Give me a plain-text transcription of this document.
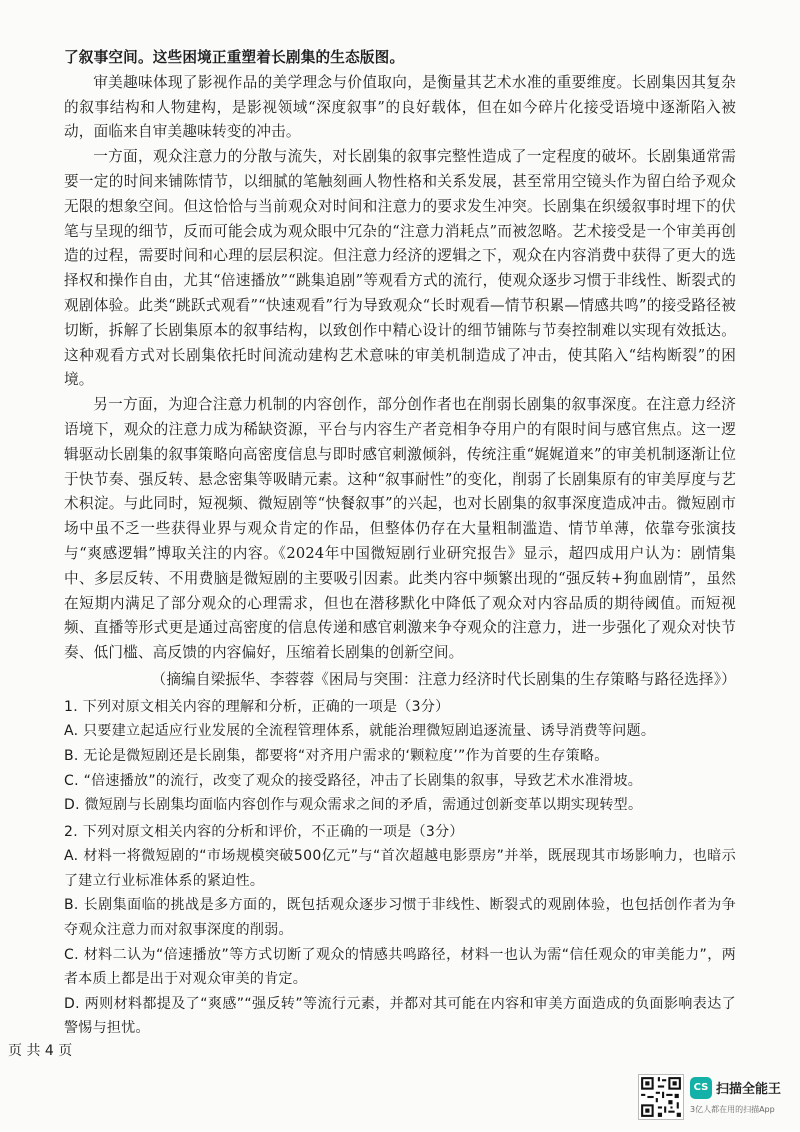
了叙事空间。这些困境正重塑着长剧集的生态版图。

审美趣味体现了影视作品的美学理念与价值取向，是衡量其艺术水准的重要维度。长剧集因其复杂的叙事结构和人物建构，是影视领域“深度叙事”的良好载体，但在如今碎片化接受语境中逐渐陷入被动，面临来自审美趣味转变的冲击。

一方面，观众注意力的分散与流失，对长剧集的叙事完整性造成了一定程度的破坏。长剧集通常需要一定的时间来铺陈情节，以细腻的笔触刻画人物性格和关系发展，甚至常用空镜头作为留白给予观众无限的想象空间。但这恰恰与当前观众对时间和注意力的要求发生冲突。长剧集在织缓叙事时埋下的伏笔与呈现的细节，反而可能会成为观众眼中冗杂的“注意力消耗点”而被忽略。艺术接受是一个审美再创造的过程，需要时间和心理的层层积淀。但注意力经济的逻辑之下，观众在内容消费中获得了更大的选择权和操作自由，尤其“倍速播放”“跳集追剧”等观看方式的流行，使观众逐步习惯于非线性、断裂式的观剧体验。此类“跳跃式观看”“快速观看”行为导致观众“长时观看—情节积累—情感共鸣”的接受路径被切断，拆解了长剧集原本的叙事结构，以致创作中精心设计的细节铺陈与节奏控制难以实现有效抵达。这种观看方式对长剧集依托时间流动建构艺术意味的审美机制造成了冲击，使其陷入“结构断裂”的困境。

另一方面，为迎合注意力机制的内容创作，部分创作者也在削弱长剧集的叙事深度。在注意力经济语境下，观众的注意力成为稀缺资源，平台与内容生产者竞相争夺用户的有限时间与感官焦点。这一逻辑驱动长剧集的叙事策略向高密度信息与即时感官刺激倾斜，传统注重“娓娓道来”的审美机制逐渐让位于快节奏、强反转、悬念密集等吸睛元素。这种“叙事耐性”的变化，削弱了长剧集原有的审美厚度与艺术积淀。与此同时，短视频、微短剧等“快餐叙事”的兴起，也对长剧集的叙事深度造成冲击。微短剧市场中虽不乏一些获得业界与观众肯定的作品，但整体仍存在大量粗制滥造、情节单薄，依靠夸张演技与“爽感逻辑”博取关注的内容。《2024年中国微短剧行业研究报告》显示，超四成用户认为：剧情集中、多层反转、不用费脑是微短剧的主要吸引因素。此类内容中频繁出现的“强反转+狗血剧情”，虽然在短期内满足了部分观众的心理需求，但也在潜移默化中降低了观众对内容品质的期待阈值。而短视频、直播等形式更是通过高密度的信息传递和感官刺激来争夺观众的注意力，进一步强化了观众对快节奏、低门槛、高反馈的内容偏好，压缩着长剧集的创新空间。

（摘编自梁振华、李蓉蓉《困局与突围：注意力经济时代长剧集的生存策略与路径选择》）

1. 下列对原文相关内容的理解和分析，正确的一项是（3分）

A. 只要建立起适应行业发展的全流程管理体系，就能治理微短剧追逐流量、诱导消费等问题。

B. 无论是微短剧还是长剧集，都要将“对齐用户需求的‘颗粒度’”作为首要的生存策略。

C. “倍速播放”的流行，改变了观众的接受路径，冲击了长剧集的叙事，导致艺术水准滑坡。

D. 微短剧与长剧集均面临内容创作与观众需求之间的矛盾，需通过创新变革以期实现转型。

2. 下列对原文相关内容的分析和评价，不正确的一项是（3分）

A. 材料一将微短剧的“市场规模突破500亿元”与“首次超越电影票房”并举，既展现其市场影响力，也暗示了建立行业标准体系的紧迫性。

B. 长剧集面临的挑战是多方面的，既包括观众逐步习惯于非线性、断裂式的观剧体验，也包括创作者为争夺观众注意力而对叙事深度的削弱。

C. 材料二认为“倍速播放”等方式切断了观众的情感共鸣路径，材料一也认为需“信任观众的审美能力”，两者本质上都是出于对观众审美的肯定。

D. 两则材料都提及了“爽感”“强反转”等流行元素，并都对其可能在内容和审美方面造成的负面影响表达了警惕与担忧。

页 共 4 页
CS 扫描全能王
3亿人都在用的扫描App
